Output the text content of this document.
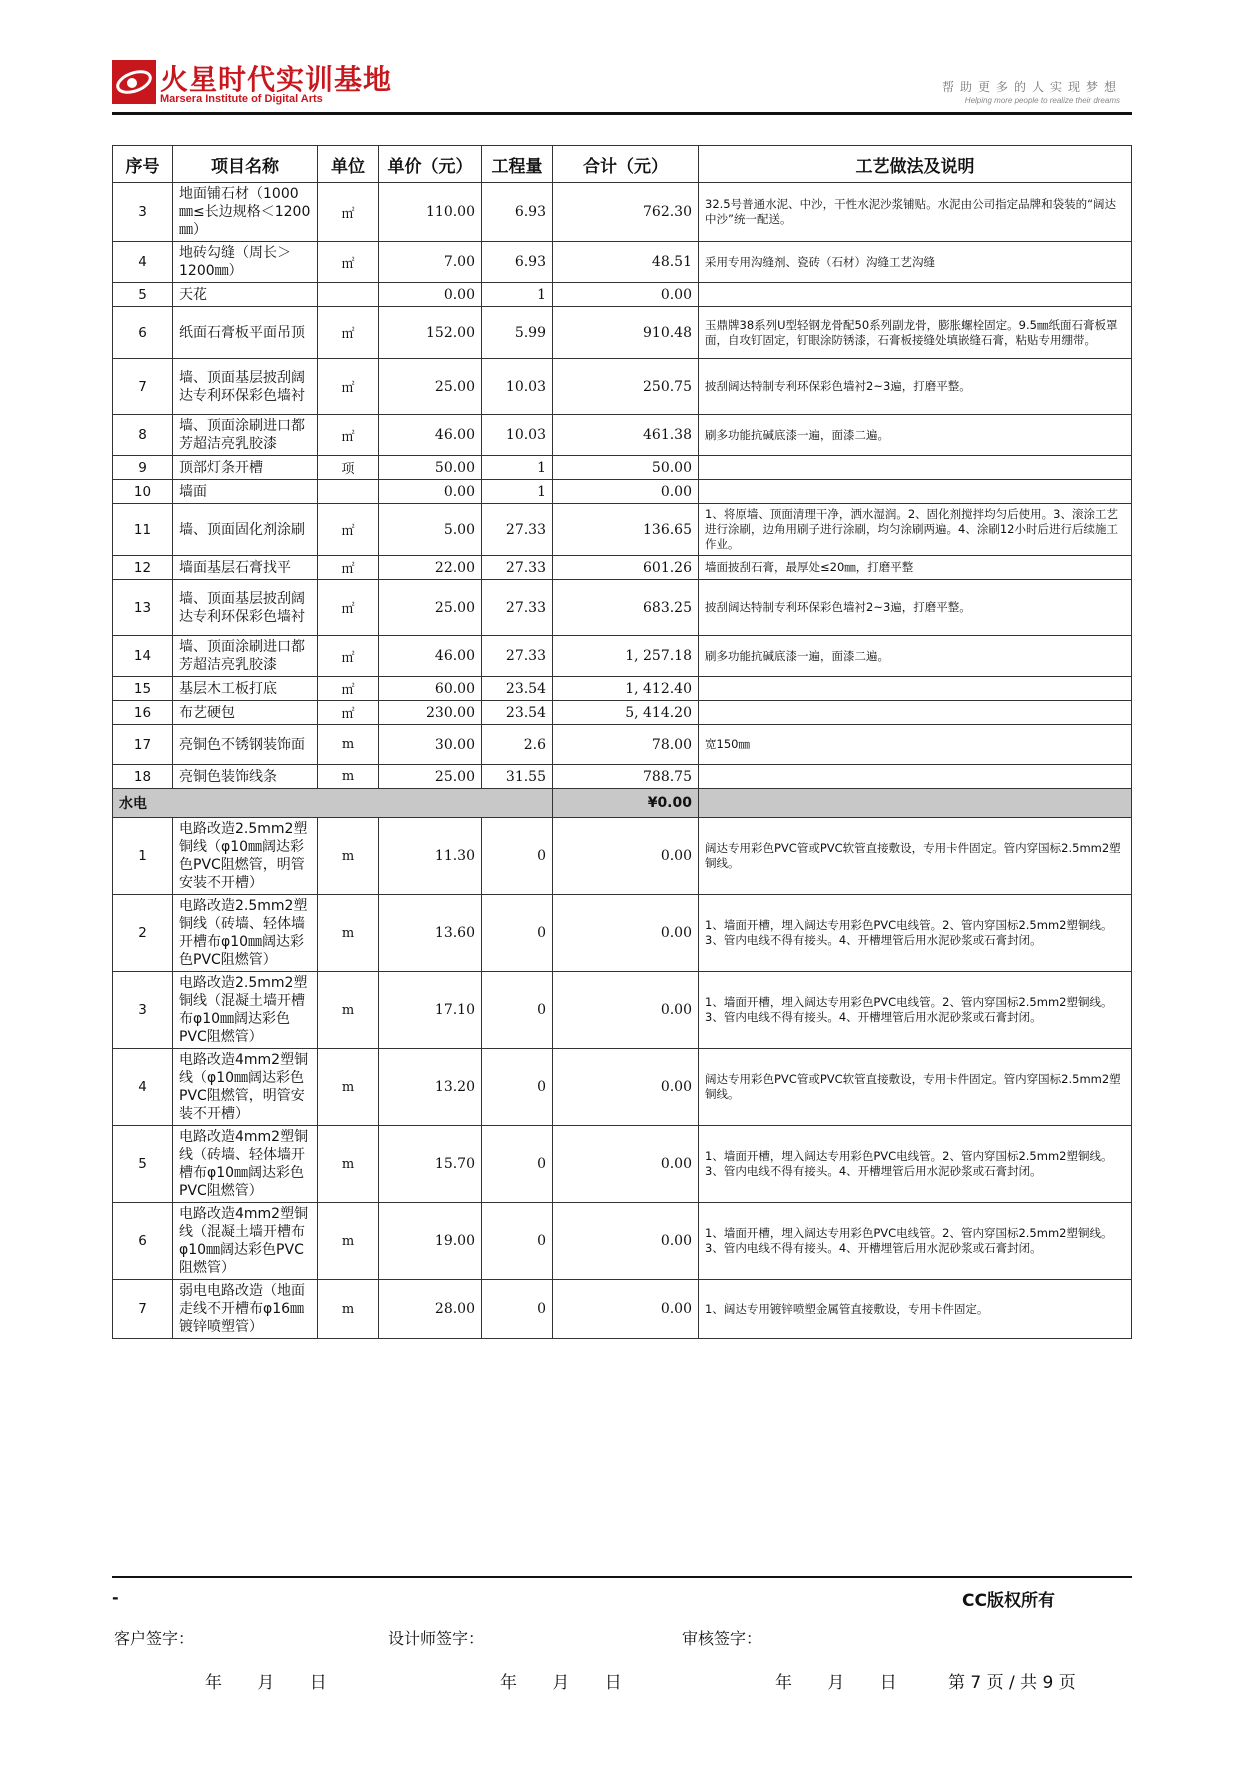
火星时代实训基地
Marsera Institute of Digital Arts
帮助更多的人实现梦想
Helping more people to realize their dreams
序号	项目名称	单位	单价（元）	工程量	合计（元）	工艺做法及说明
3	地面铺石材（1000㎜≤长边规格＜1200㎜）	㎡	110.00	6.93	762.30	32.5号普通水泥、中沙，干性水泥沙浆铺贴。水泥由公司指定品牌和袋装的“阔达中沙”统一配送。
4	地砖勾缝（周长＞1200㎜）	㎡	7.00	6.93	48.51	采用专用沟缝剂、瓷砖（石材）沟缝工艺沟缝
5	天花		0.00	1	0.00	
6	纸面石膏板平面吊顶	㎡	152.00	5.99	910.48	玉鼎牌38系列U型轻钢龙骨配50系列副龙骨，膨胀螺栓固定。9.5㎜纸面石膏板罩面，自攻钉固定，钉眼涂防锈漆，石膏板接缝处填嵌缝石膏，粘贴专用绷带。
7	墙、顶面基层披刮阔达专利环保彩色墙衬	㎡	25.00	10.03	250.75	披刮阔达特制专利环保彩色墙衬2~3遍，打磨平整。
8	墙、顶面涂刷进口都芳超洁亮乳胶漆	㎡	46.00	10.03	461.38	刷多功能抗碱底漆一遍，面漆二遍。
9	顶部灯条开槽	项	50.00	1	50.00	
10	墙面		0.00	1	0.00	
11	墙、顶面固化剂涂刷	㎡	5.00	27.33	136.65	1、将原墙、顶面清理干净，洒水湿润。2、固化剂搅拌均匀后使用。3、滚涂工艺进行涂刷，边角用刷子进行涂刷，均匀涂刷两遍。4、涂刷12小时后进行后续施工作业。
12	墙面基层石膏找平	㎡	22.00	27.33	601.26	墙面披刮石膏，最厚处≤20㎜，打磨平整
13	墙、顶面基层披刮阔达专利环保彩色墙衬	㎡	25.00	27.33	683.25	披刮阔达特制专利环保彩色墙衬2~3遍，打磨平整。
14	墙、顶面涂刷进口都芳超洁亮乳胶漆	㎡	46.00	27.33	1, 257.18	刷多功能抗碱底漆一遍，面漆二遍。
15	基层木工板打底	㎡	60.00	23.54	1, 412.40	
16	布艺硬包	㎡	230.00	23.54	5, 414.20	
17	亮铜色不锈钢装饰面	m	30.00	2.6	78.00	宽150㎜
18	亮铜色装饰线条	m	25.00	31.55	788.75	
水电					¥0.00	
1	电路改造2.5mm2塑铜线（φ10㎜阔达彩色PVC阻燃管，明管安装不开槽）	m	11.30	0	0.00	阔达专用彩色PVC管或PVC软管直接敷设，专用卡件固定。管内穿国标2.5mm2塑铜线。
2	电路改造2.5mm2塑铜线（砖墙、轻体墙开槽布φ10㎜阔达彩色PVC阻燃管）	m	13.60	0	0.00	1、墙面开槽，埋入阔达专用彩色PVC电线管。2、管内穿国标2.5mm2塑铜线。3、管内电线不得有接头。4、开槽埋管后用水泥砂浆或石膏封闭。
3	电路改造2.5mm2塑铜线（混凝土墙开槽布φ10㎜阔达彩色PVC阻燃管）	m	17.10	0	0.00	1、墙面开槽，埋入阔达专用彩色PVC电线管。2、管内穿国标2.5mm2塑铜线。3、管内电线不得有接头。4、开槽埋管后用水泥砂浆或石膏封闭。
4	电路改造4mm2塑铜线（φ10㎜阔达彩色PVC阻燃管，明管安装不开槽）	m	13.20	0	0.00	阔达专用彩色PVC管或PVC软管直接敷设，专用卡件固定。管内穿国标2.5mm2塑铜线。
5	电路改造4mm2塑铜线（砖墙、轻体墙开槽布φ10㎜阔达彩色PVC阻燃管）	m	15.70	0	0.00	1、墙面开槽，埋入阔达专用彩色PVC电线管。2、管内穿国标2.5mm2塑铜线。3、管内电线不得有接头。4、开槽埋管后用水泥砂浆或石膏封闭。
6	电路改造4mm2塑铜线（混凝土墙开槽布φ10㎜阔达彩色PVC阻燃管）	m	19.00	0	0.00	1、墙面开槽，埋入阔达专用彩色PVC电线管。2、管内穿国标2.5mm2塑铜线。3、管内电线不得有接头。4、开槽埋管后用水泥砂浆或石膏封闭。
7	弱电电路改造（地面走线不开槽布φ16㎜镀锌喷塑管）	m	28.00	0	0.00	1、阔达专用镀锌喷塑金属管直接敷设，专用卡件固定。
-	CC版权所有
客户签字：	设计师签字：	审核签字：
年 月 日	年 月 日	年 月 日	第 7 页 / 共 9 页
